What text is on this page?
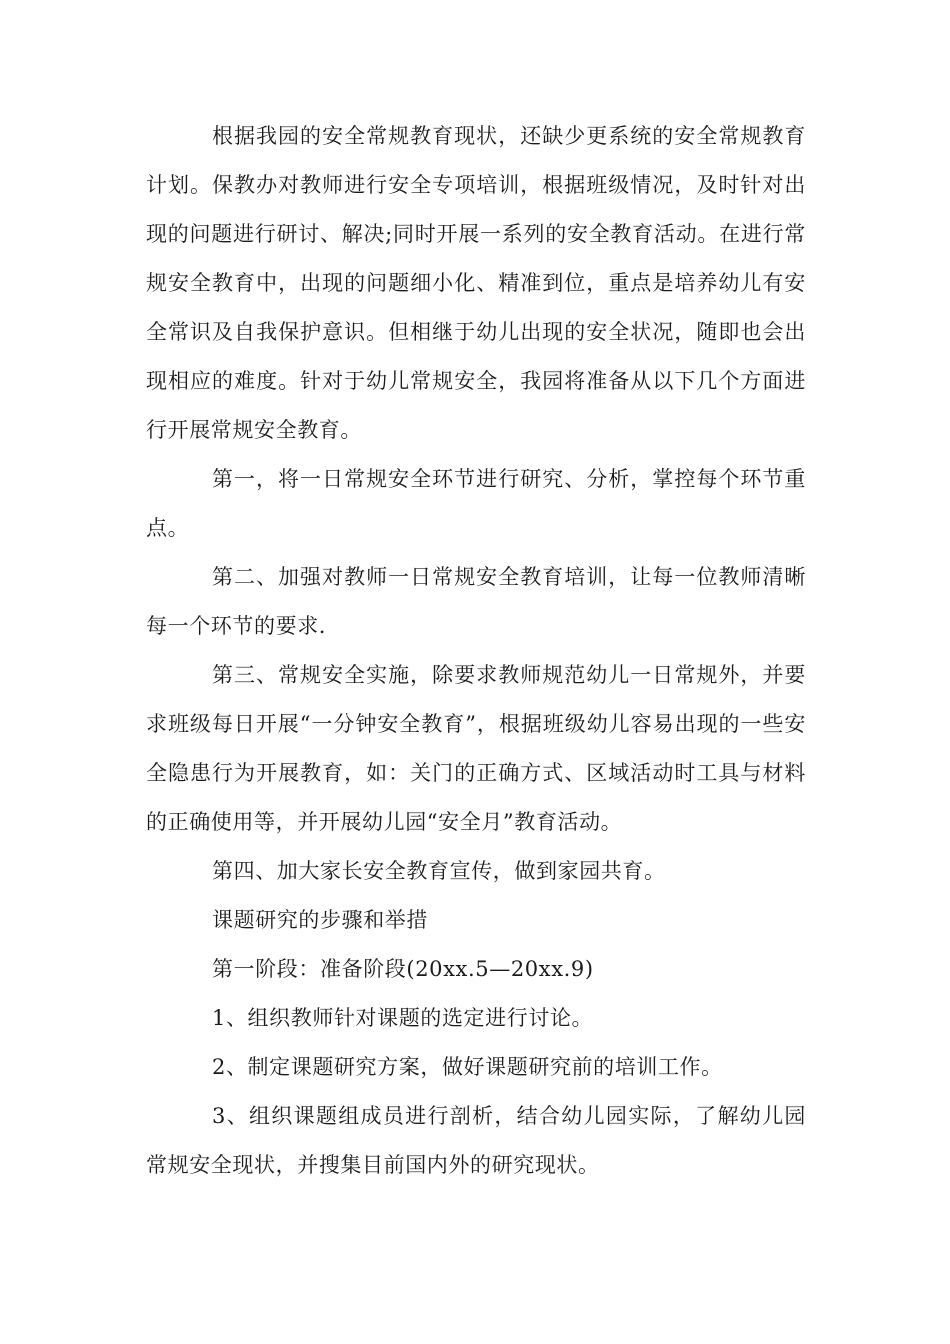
根据我园的安全常规教育现状，还缺少更系统的安全常规教育计划。保教办对教师进行安全专项培训，根据班级情况，及时针对出现的问题进行研讨、解决;同时开展一系列的安全教育活动。在进行常规安全教育中，出现的问题细小化、精准到位，重点是培养幼儿有安全常识及自我保护意识。但相继于幼儿出现的安全状况，随即也会出现相应的难度。针对于幼儿常规安全，我园将准备从以下几个方面进行开展常规安全教育。

第一，将一日常规安全环节进行研究、分析，掌控每个环节重点。

第二、加强对教师一日常规安全教育培训，让每一位教师清晰每一个环节的要求.

第三、常规安全实施，除要求教师规范幼儿一日常规外，并要求班级每日开展“一分钟安全教育”，根据班级幼儿容易出现的一些安全隐患行为开展教育，如：关门的正确方式、区域活动时工具与材料的正确使用等，并开展幼儿园“安全月”教育活动。

第四、加大家长安全教育宣传，做到家园共育。

课题研究的步骤和举措

第一阶段：准备阶段(20xx.5—20xx.9)

1、组织教师针对课题的选定进行讨论。

2、制定课题研究方案，做好课题研究前的培训工作。

3、组织课题组成员进行剖析，结合幼儿园实际，了解幼儿园常规安全现状，并搜集目前国内外的研究现状。
